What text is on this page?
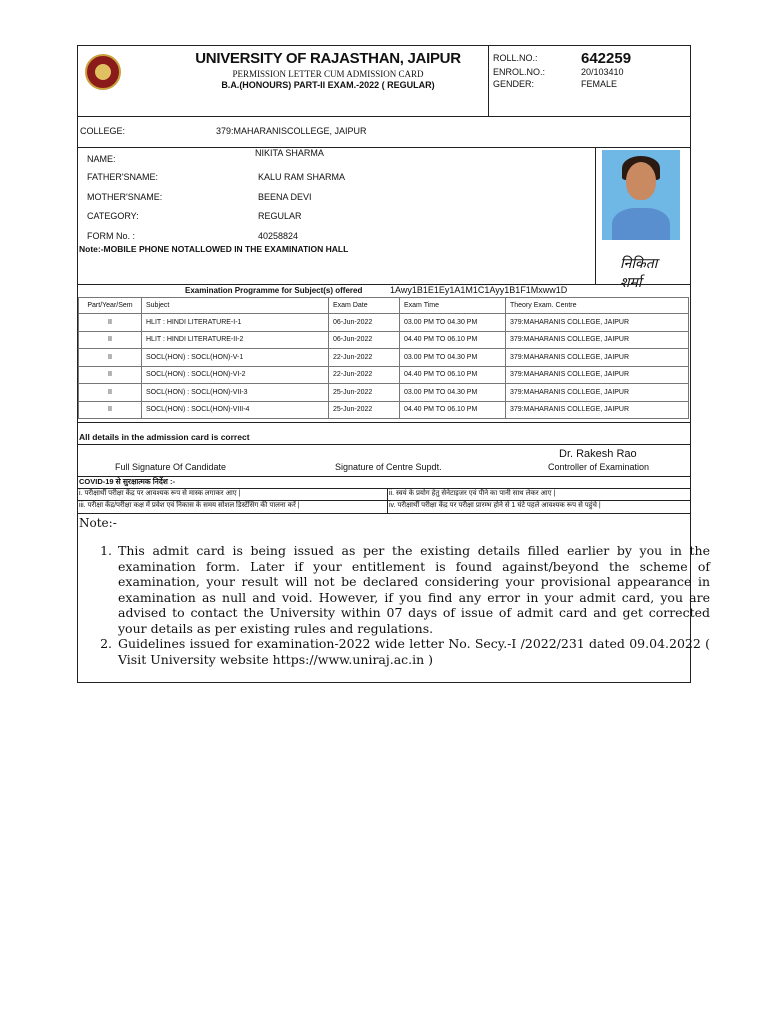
UNIVERSITY OF RAJASTHAN, JAIPUR
PERMISSION LETTER CUM ADMISSION CARD
B.A.(HONOURS) PART-II EXAM.-2022 ( REGULAR)
ROLL.NO.:	642259
ENROL.NO.:	20/103410
GENDER:	FEMALE
COLLEGE:	379:MAHARANISCOLLEGE, JAIPUR
NAME:
NIKITA SHARMA
FATHER'SNAME:	KALU RAM SHARMA
MOTHER'SNAME:	BEENA DEVI
CATEGORY:	REGULAR
FORM No. :	40258824
Note:-MOBILE PHONE NOTALLOWED IN THE EXAMINATION HALL
निकिता शर्मा
Examination Programme for Subject(s) offered	1Awy1B1E1Ey1A1M1C1Ayy1B1F1Mxww1D
Part/Year/Sem	Subject	Exam Date	Exam Time	Theory Exam. Centre
II	HLIT : HINDI LITERATURE-I-1	06-Jun-2022	03.00 PM TO 04.30 PM	379:MAHARANIS COLLEGE, JAIPUR
II	HLIT : HINDI LITERATURE-II-2	06-Jun-2022	04.40 PM TO 06.10 PM	379:MAHARANIS COLLEGE, JAIPUR
II	SOCL(HON) : SOCL(HON)-V-1	22-Jun-2022	03.00 PM TO 04.30 PM	379:MAHARANIS COLLEGE, JAIPUR
II	SOCL(HON) : SOCL(HON)-VI-2	22-Jun-2022	04.40 PM TO 06.10 PM	379:MAHARANIS COLLEGE, JAIPUR
II	SOCL(HON) : SOCL(HON)-VII-3	25-Jun-2022	03.00 PM TO 04.30 PM	379:MAHARANIS COLLEGE, JAIPUR
II	SOCL(HON) : SOCL(HON)-VIII-4	25-Jun-2022	04.40 PM TO 06.10 PM	379:MAHARANIS COLLEGE, JAIPUR
All details in the admission card is correct
Full Signature Of Candidate	Signature of Centre Supdt.
Dr. Rakesh Rao
Controller of Examination
COVID-19 से सुरक्षात्मक निर्देश :-
i. परीक्षार्थी परीक्षा केंद्र पर आवश्यक रूप से मास्क लगाकर आए |	ii. स्वयं के प्रयोग हेतु सेनेटाइजर एवं पीने का पानी साथ लेकर आए |
iii. परीक्षा केंद्र/परीक्षा कक्ष में प्रवेश एवं निकास के समय सोशल डिस्टेंसिंग की पालना करें |	iv. परीक्षार्थी परीक्षा केंद्र पर परीक्षा प्रारम्भ होने से 1 घंटे पहले आवश्यक रूप से पहुंचे |
Note:-
1. This admit card is being issued as per the existing details filled earlier by you in the examination form. Later if your entitlement is found against/beyond the scheme of examination, your result will not be declared considering your provisional appearance in examination as null and void. However, if you find any error in your admit card, you are advised to contact the University within 07 days of issue of admit card and get corrected your details as per existing rules and regulations.
2. Guidelines issued for examination-2022 wide letter No. Secy.-I /2022/231 dated 09.04.2022 ( Visit University website https://www.uniraj.ac.in )
